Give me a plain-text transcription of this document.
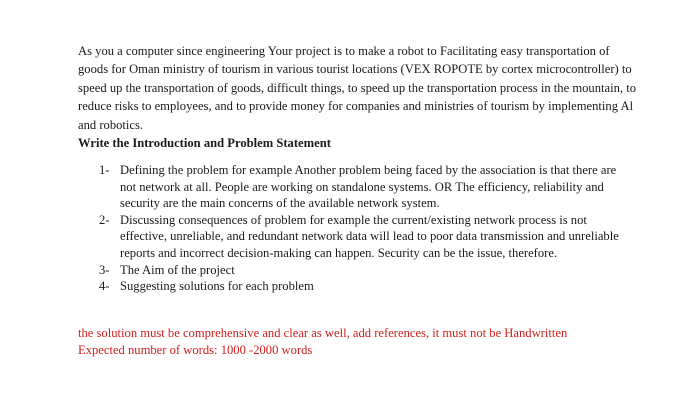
As you a computer since engineering Your project is to make a robot to Facilitating easy transportation of goods for Oman ministry of tourism in various tourist locations (VEX ROPOTE by cortex microcontroller) to speed up the transportation of goods, difficult things, to speed up the transportation process in the mountain, to reduce risks to employees, and to provide money for companies and ministries of tourism by implementing Al and robotics.

Write the Introduction and Problem Statement

1- Defining the problem for example Another problem being faced by the association is that there are not network at all. People are working on standalone systems. OR The efficiency, reliability and security are the main concerns of the available network system.
2- Discussing consequences of problem for example the current/existing network process is not effective, unreliable, and redundant network data will lead to poor data transmission and unreliable reports and incorrect decision-making can happen. Security can be the issue, therefore.
3- The Aim of the project
4- Suggesting solutions for each problem

the solution must be comprehensive and clear as well, add references, it must not be Handwritten
Expected number of words: 1000 -2000 words
